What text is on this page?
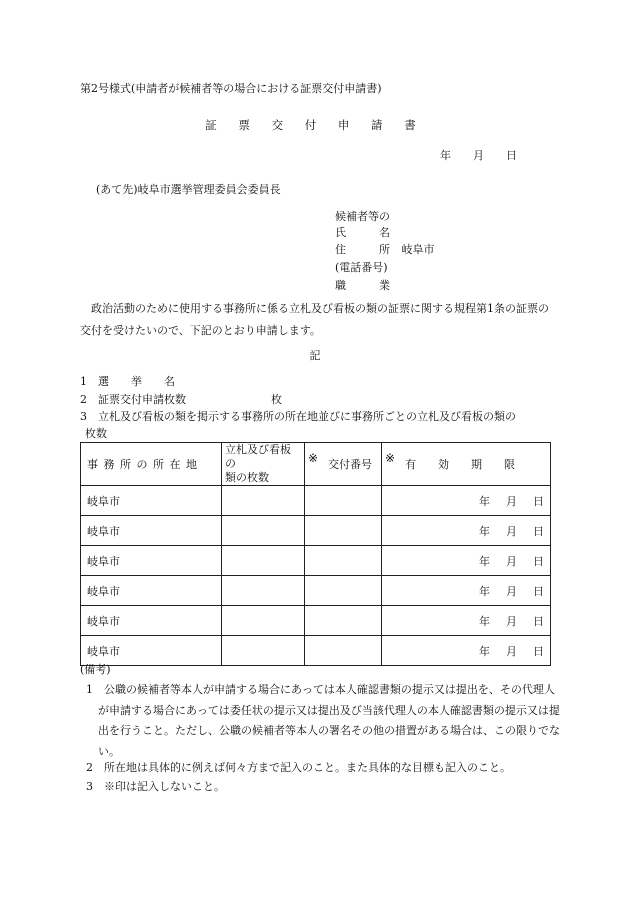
第2号様式(申請者が候補者等の場合における証票交付申請書)
証 票 交 付 申 請 書
年 月 日
(あて先)岐阜市選挙管理委員会委員長
候補者等の
氏　　　名
住　　　所 岐阜市
(電話番号)
職　　　業
政治活動のために使用する事務所に係る立札及び看板の類の証票に関する規程第1条の証票の交付を受けたいので、下記のとおり申請します。
記
1　選　　挙　　名
2　証票交付申請枚数	枚
3　立札及び看板の類を掲示する事務所の所在地並びに事務所ごとの立札及び看板の類の
枚数
事 務 所 の 所 在 地	立札及び看板の
類の枚数	※ 交付番号	※ 有　　効　　期　　限
岐阜市			年 月 日
岐阜市			年 月 日
岐阜市			年 月 日
岐阜市			年 月 日
岐阜市			年 月 日
岐阜市			年 月 日
(備考)
1　公職の候補者等本人が申請する場合にあっては本人確認書類の提示又は提出を、その代理人が申請する場合にあっては委任状の提示又は提出及び当該代理人の本人確認書類の提示又は提出を行うこと。ただし、公職の候補者等本人の署名その他の措置がある場合は、この限りでない。
2　所在地は具体的に例えば何々方まで記入のこと。また具体的な目標も記入のこと。
3　※印は記入しないこと。
